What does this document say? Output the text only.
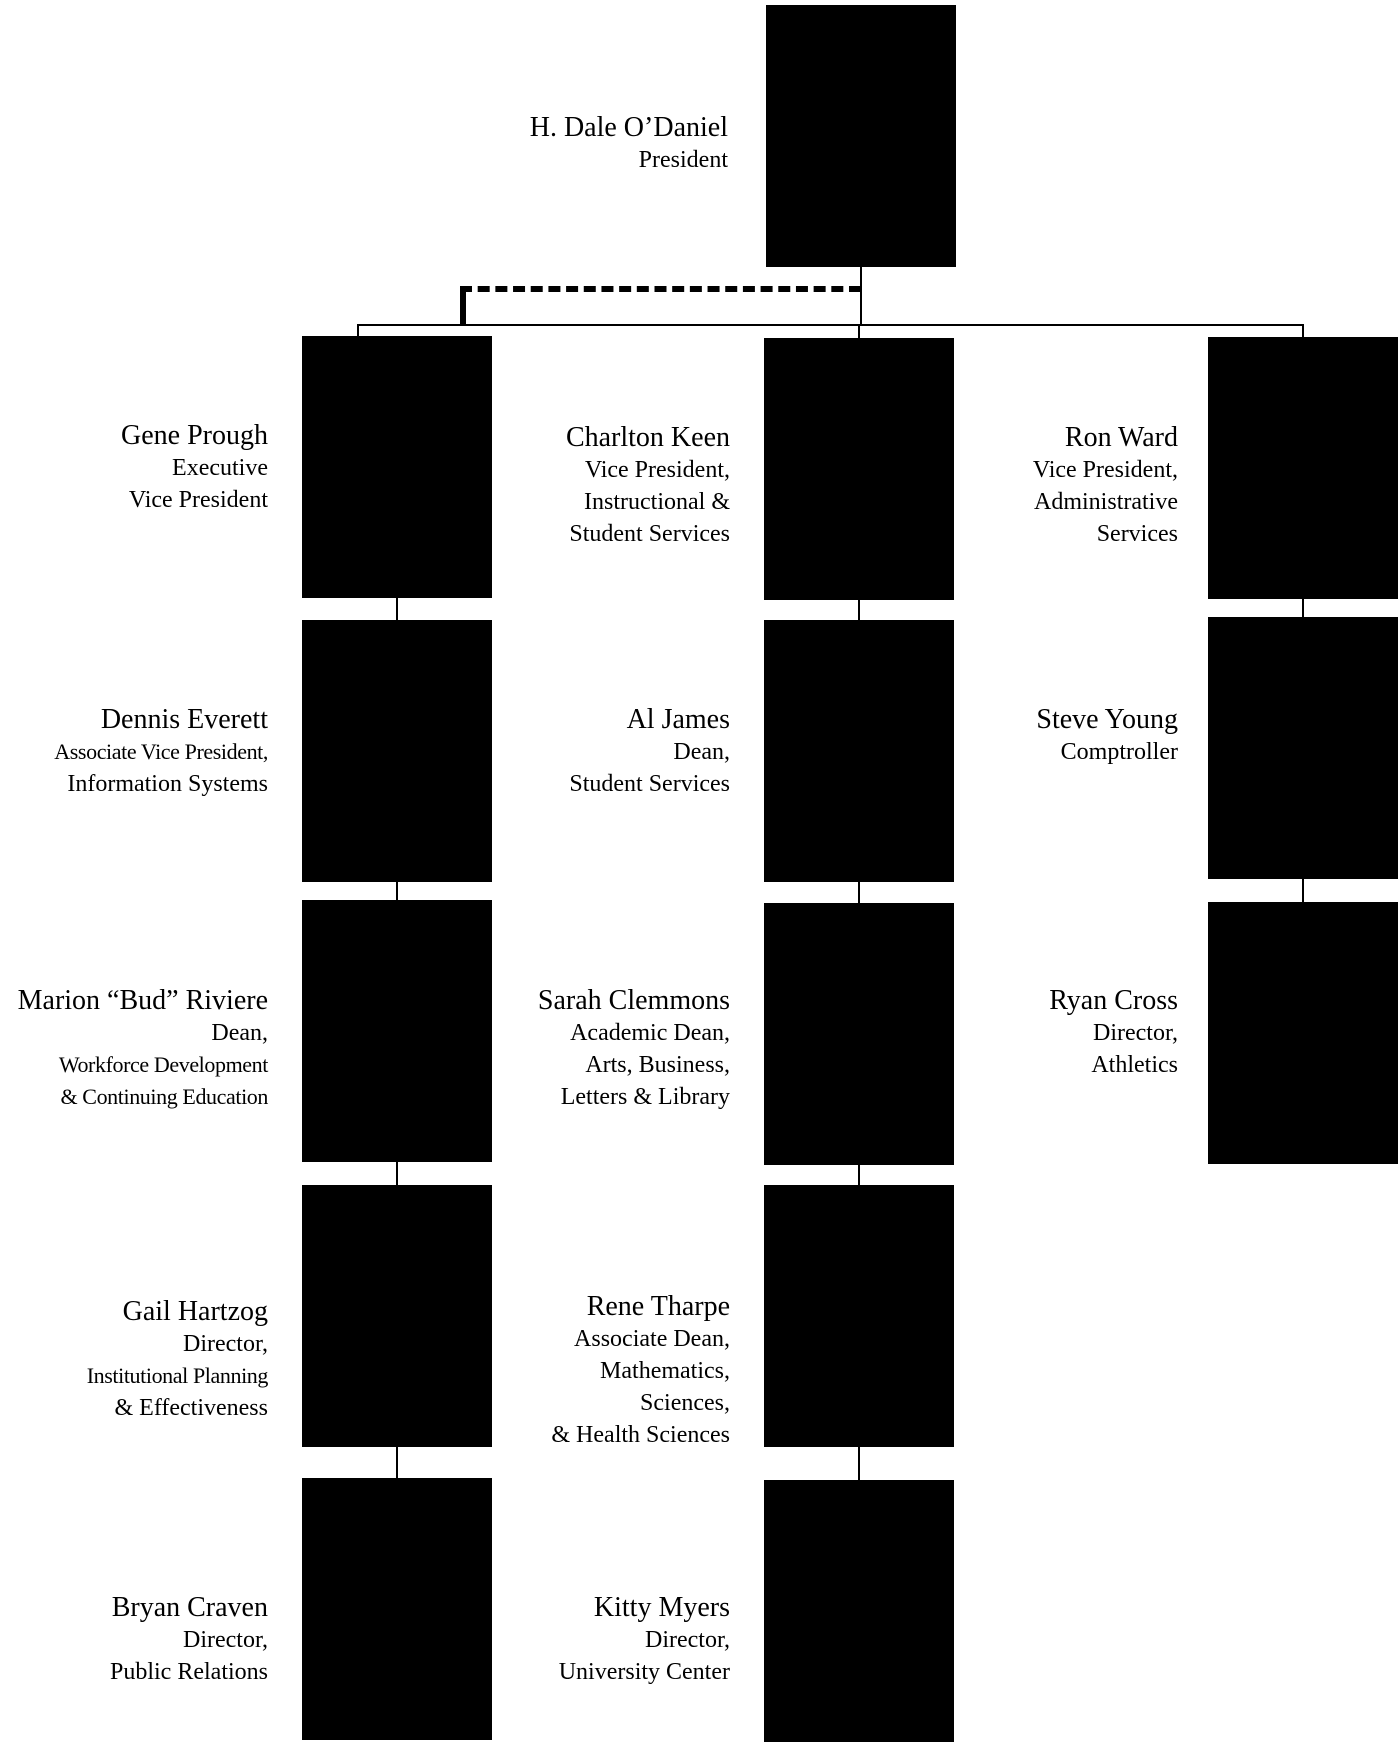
H. Dale O’Daniel
President
Gene Prough
Executive
Vice President
Dennis Everett
Associate Vice President,
Information Systems
Marion “Bud” Riviere
Dean,
Workforce Development
& Continuing Education
Gail Hartzog
Director,
Institutional Planning
& Effectiveness
Bryan Craven
Director,
Public Relations
Charlton Keen
Vice President,
Instructional &
Student Services
Al James
Dean,
Student Services
Sarah Clemmons
Academic Dean,
Arts, Business,
Letters & Library
Rene Tharpe
Associate Dean,
Mathematics,
Sciences,
& Health Sciences
Kitty Myers
Director,
University Center
Ron Ward
Vice President,
Administrative
Services
Steve Young
Comptroller
Ryan Cross
Director,
Athletics
